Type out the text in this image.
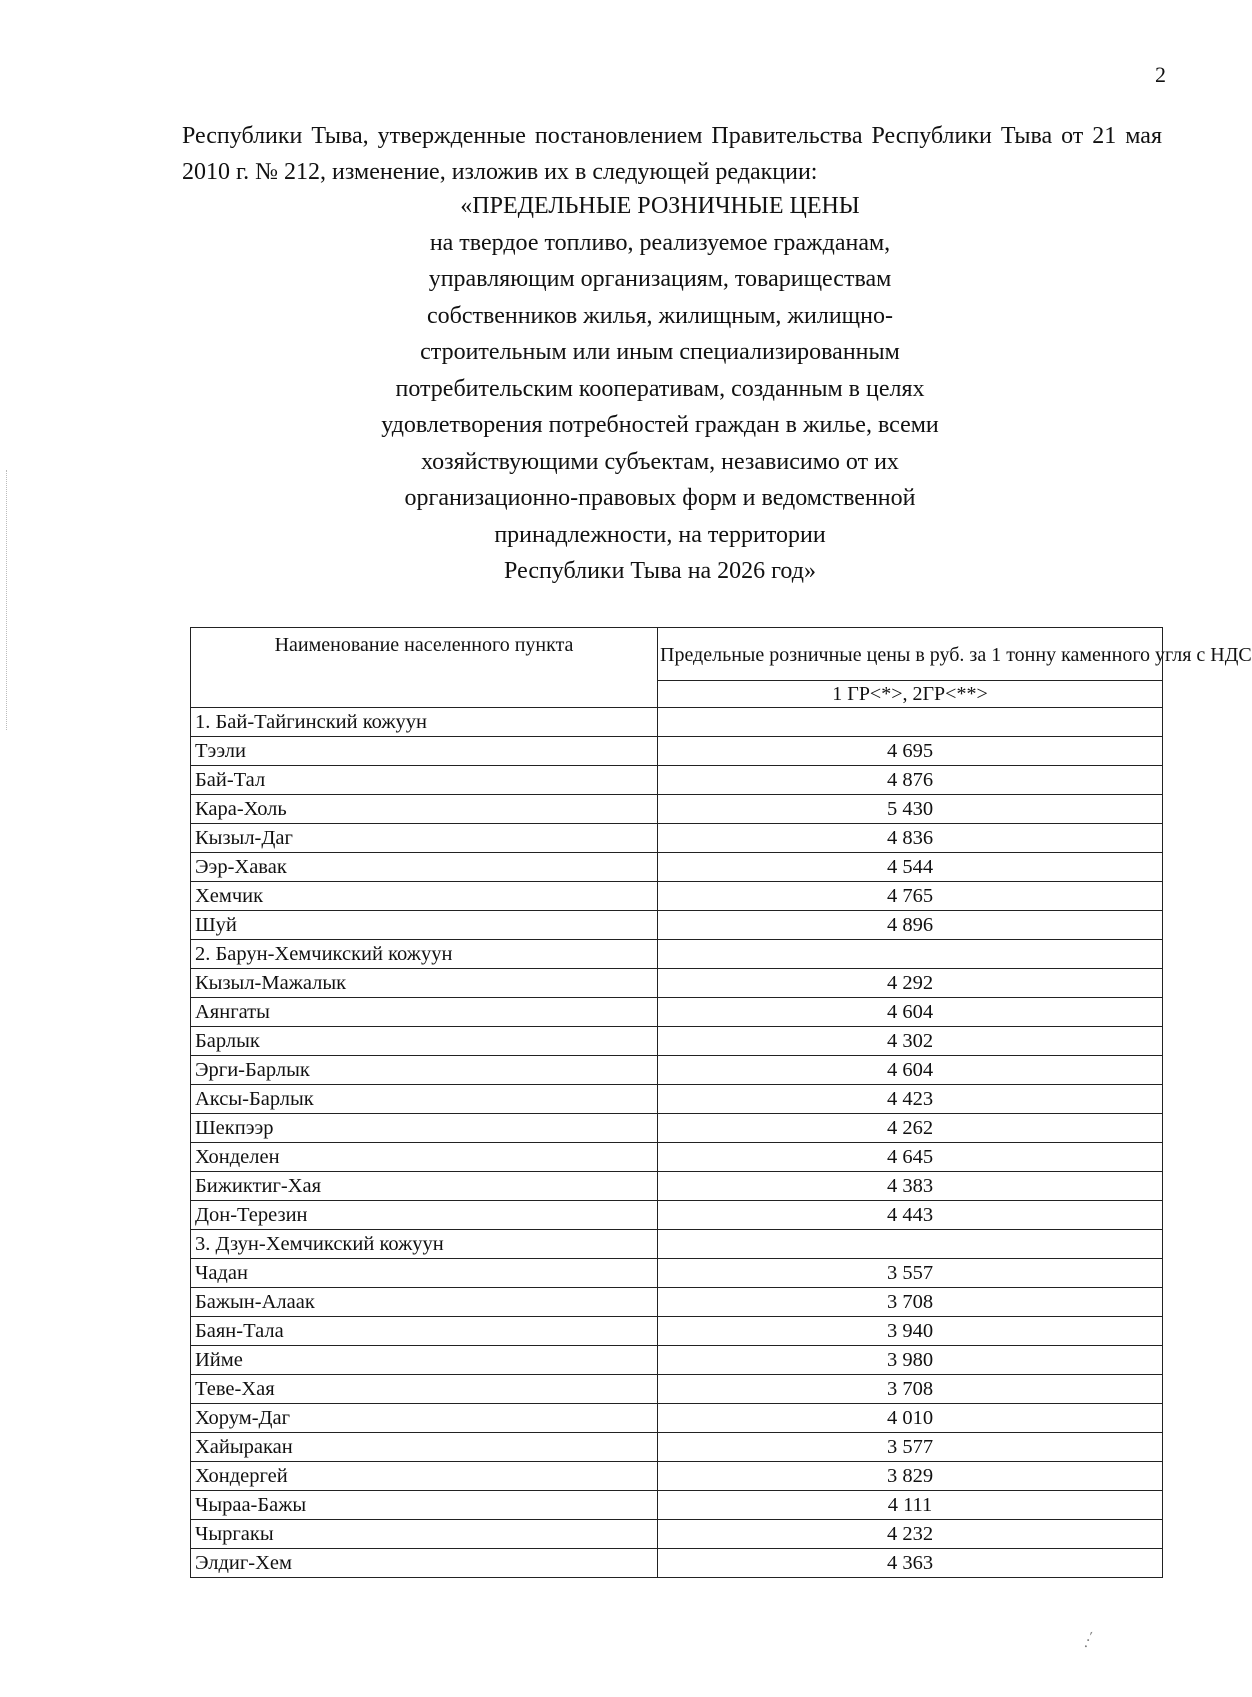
2
Республики Тыва, утвержденные постановлением Правительства Республики Тыва от 21 мая 2010 г. № 212, изменение, изложив их в следующей редакции:
«ПРЕДЕЛЬНЫЕ РОЗНИЧНЫЕ ЦЕНЫ
на твердое топливо, реализуемое гражданам,
управляющим организациям, товариществам
собственников жилья, жилищным, жилищно-
строительным или иным специализированным
потребительским кооперативам, созданным в целях
удовлетворения потребностей граждан в жилье, всеми
хозяйствующими субъектам, независимо от их
организационно-правовых форм и ведомственной
принадлежности, на территории
Республики Тыва на 2026 год»
Наименование населенного пункта	Предельные розничные цены в руб. за 1 тонну каменного угля с НДС
	1 ГР<*>, 2ГР<**>
1. Бай-Тайгинский кожуун	
Тээли	4 695
Бай-Тал	4 876
Кара-Холь	5 430
Кызыл-Даг	4 836
Ээр-Хавак	4 544
Хемчик	4 765
Шуй	4 896
2. Барун-Хемчикский кожуун	
Кызыл-Мажалык	4 292
Аянгаты	4 604
Барлык	4 302
Эрги-Барлык	4 604
Аксы-Барлык	4 423
Шекпээр	4 262
Хонделен	4 645
Бижиктиг-Хая	4 383
Дон-Терезин	4 443
3. Дзун-Хемчикский кожуун	
Чадан	3 557
Бажын-Алаак	3 708
Баян-Тала	3 940
Ийме	3 980
Теве-Хая	3 708
Хорум-Даг	4 010
Хайыракан	3 577
Хондергей	3 829
Чыраа-Бажы	4 111
Чыргакы	4 232
Элдиг-Хем	4 363
.·´
